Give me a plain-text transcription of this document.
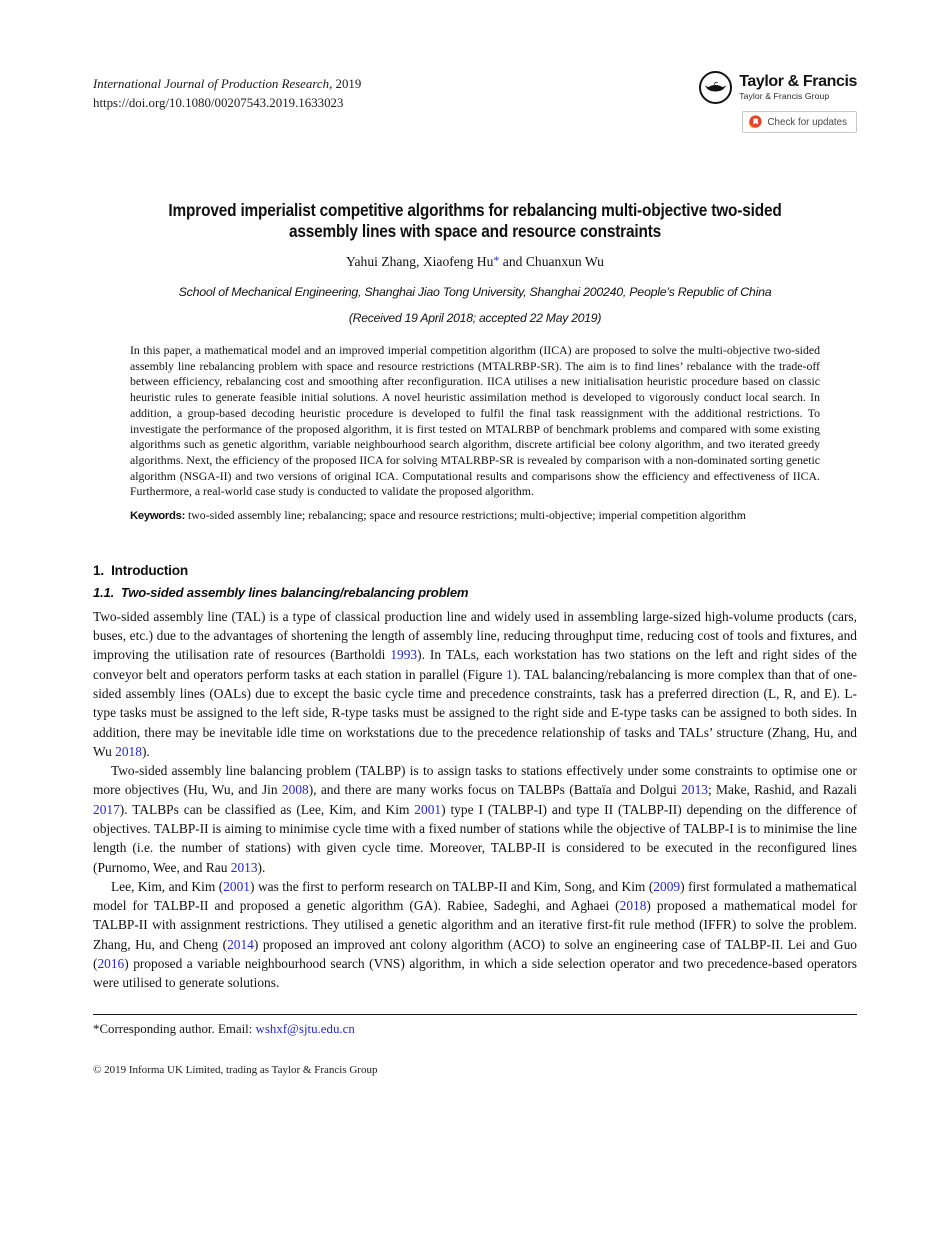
International Journal of Production Research, 2019
https://doi.org/10.1080/00207543.2019.1633023
Taylor & Francis
Taylor & Francis Group
Check for updates
Improved imperialist competitive algorithms for rebalancing multi-objective two-sided
assembly lines with space and resource constraints
Yahui Zhang, Xiaofeng Hu* and Chuanxun Wu
School of Mechanical Engineering, Shanghai Jiao Tong University, Shanghai 200240, People’s Republic of China
(Received 19 April 2018; accepted 22 May 2019)
In this paper, a mathematical model and an improved imperial competition algorithm (IICA) are proposed to solve the multi-objective two-sided assembly line rebalancing problem with space and resource restrictions (MTALRBP-SR). The aim is to find lines’ rebalance with the trade-off between efficiency, rebalancing cost and smoothing after reconfiguration. IICA utilises a new initialisation heuristic procedure based on classic heuristic rules to generate feasible initial solutions. A novel heuristic assimilation method is developed to vigorously conduct local search. In addition, a group-based decoding heuristic procedure is developed to fulfil the final task reassignment with the additional restrictions. To investigate the performance of the proposed algorithm, it is first tested on MTALRBP of benchmark problems and compared with some existing algorithms such as genetic algorithm, variable neighbourhood search algorithm, discrete artificial bee colony algorithm, and two iterated greedy algorithms. Next, the efficiency of the proposed IICA for solving MTALRBP-SR is revealed by comparison with a non-dominated sorting genetic algorithm (NSGA-II) and two versions of original ICA. Computational results and comparisons show the efficiency and effectiveness of IICA. Furthermore, a real-world case study is conducted to validate the proposed algorithm.
Keywords: two-sided assembly line; rebalancing; space and resource restrictions; multi-objective; imperial competition algorithm
1.  Introduction
1.1.  Two-sided assembly lines balancing/rebalancing problem
Two-sided assembly line (TAL) is a type of classical production line and widely used in assembling large-sized high-volume products (cars, buses, etc.) due to the advantages of shortening the length of assembly line, reducing throughput time, reducing cost of tools and fixtures, and improving the utilisation rate of resources (Bartholdi 1993). In TALs, each workstation has two stations on the left and right sides of the conveyor belt and operators perform tasks at each station in parallel (Figure 1). TAL balancing/rebalancing is more complex than that of one-sided assembly lines (OALs) due to except the basic cycle time and precedence constraints, task has a preferred direction (L, R, and E). L-type tasks must be assigned to the left side, R-type tasks must be assigned to the right side and E-type tasks can be assigned to both sides. In addition, there may be inevitable idle time on workstations due to the precedence relationship of tasks and TALs’ structure (Zhang, Hu, and Wu 2018).
Two-sided assembly line balancing problem (TALBP) is to assign tasks to stations effectively under some constraints to optimise one or more objectives (Hu, Wu, and Jin 2008), and there are many works focus on TALBPs (Battaïa and Dolgui 2013; Make, Rashid, and Razali 2017). TALBPs can be classified as (Lee, Kim, and Kim 2001) type I (TALBP-I) and type II (TALBP-II) depending on the difference of objectives. TALBP-II is aiming to minimise cycle time with a fixed number of stations while the objective of TALBP-I is to minimise the line length (i.e. the number of stations) with given cycle time. Moreover, TALBP-II is considered to be executed in the reconfigured lines (Purnomo, Wee, and Rau 2013).
Lee, Kim, and Kim (2001) was the first to perform research on TALBP-II and Kim, Song, and Kim (2009) first formulated a mathematical model for TALBP-II and proposed a genetic algorithm (GA). Rabiee, Sadeghi, and Aghaei (2018) proposed a mathematical model for TALBP-II with assignment restrictions. They utilised a genetic algorithm and an iterative first-fit rule method (IFFR) to solve the problem. Zhang, Hu, and Cheng (2014) proposed an improved ant colony algorithm (ACO) to solve an engineering case of TALBP-II. Lei and Guo (2016) proposed a variable neighbourhood search (VNS) algorithm, in which a side selection operator and two precedence-based operators were utilised to generate solutions.
*Corresponding author. Email: wshxf@sjtu.edu.cn
© 2019 Informa UK Limited, trading as Taylor & Francis Group
